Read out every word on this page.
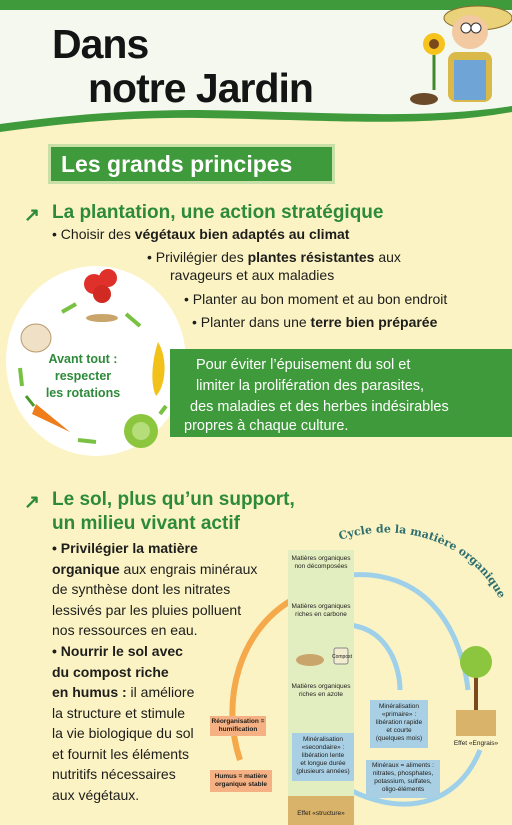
Dans
notre Jardin
Les grands principes
↗ La plantation, une action stratégique
• Choisir des végétaux bien adaptés au climat
• Privilégier des plantes résistantes aux
ravageurs et aux maladies
• Planter au bon moment et au bon endroit
• Planter dans une terre bien préparée
Avant tout :
respecter
les rotations
Pour éviter l’épuisement du sol et
limiter la prolifération des parasites,
des maladies et des herbes indésirables
propres à chaque culture.
↗ Le sol, plus qu’un support,
un milieu vivant actif
• Privilégier la matière
organique aux engrais minéraux
de synthèse dont les nitrates
lessivés par les pluies polluent
nos ressources en eau.
• Nourrir le sol avec
du compost riche
en humus : il améliore
la structure et stimule
la vie biologique du sol
et fournit les éléments
nutritifs nécessaires
aux végétaux.
Cycle de la matière organique
Matières organiques
non décomposées
Matières organiques
riches en carbone
Matières organiques
riches en azote
Minéralisation
«primaire» :
libération rapide
et courte
(quelques mois)
Minéralisation
«secondaire» :
libération lente
et longue durée
(plusieurs années)
Réorganisation =
humification
Humus = matière
organique stable
Minéraux = aliments :
nitrates, phosphates,
potassium, sulfates,
oligo-éléments
Effet «Engrais»
Effet «structure»
Compost
